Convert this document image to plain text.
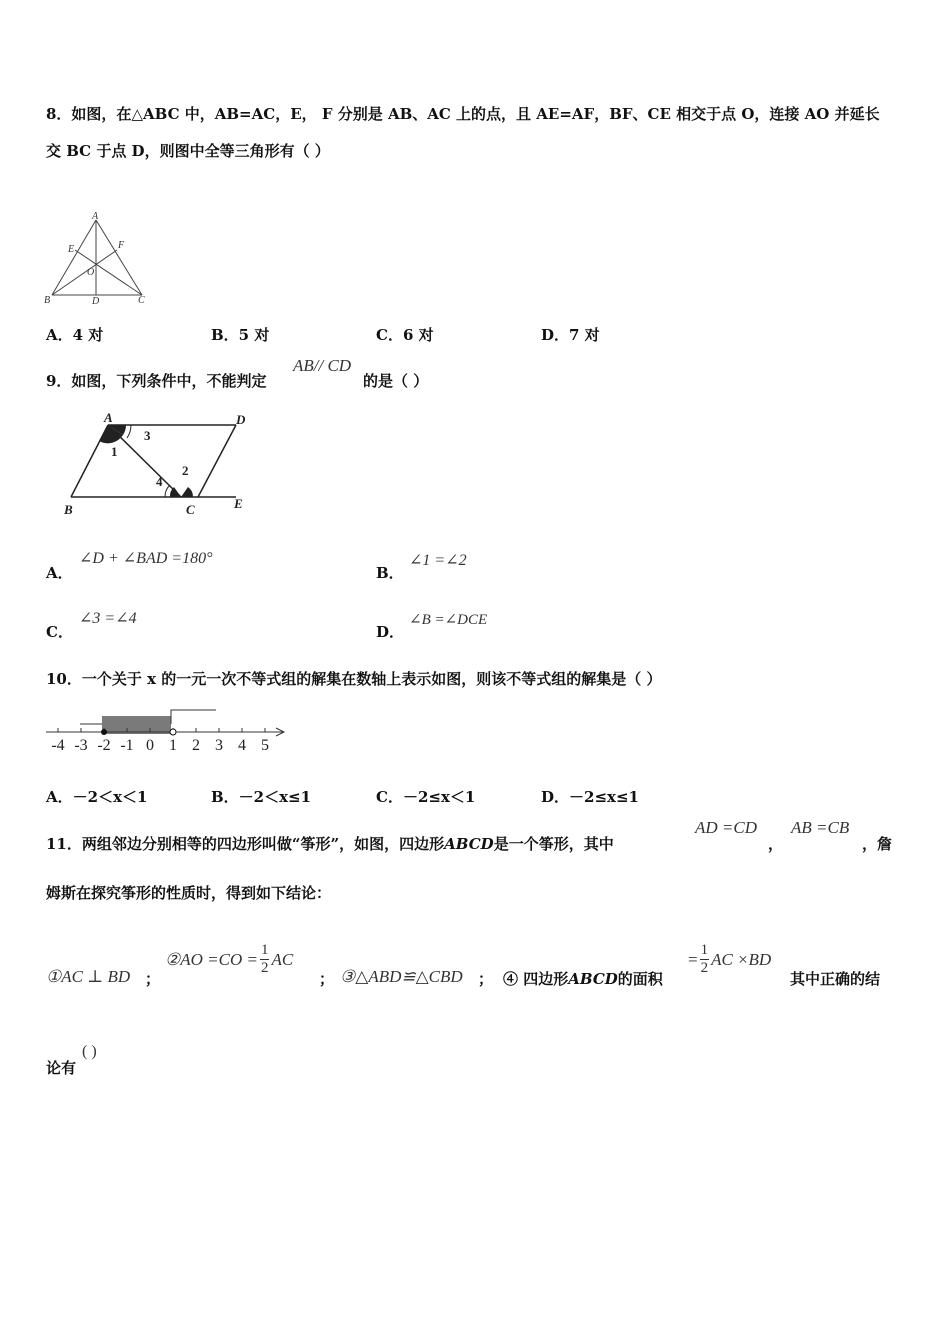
8．如图，在△ABC 中，AB=AC，E， F 分别是 AB、AC 上的点，且 AE=AF，BF、CE 相交于点 O，连接 AO 并延长
交 BC 于点 D，则图中全等三角形有（ ）
A
B	C
D
E	F
O
A．4 对	B．5 对	C．6 对	D．7 对
9．如图，下列条件中，不能判定
AB// CD
的是（ ）
A	D
B	C	E
1
2
3
4
A．
∠D + ∠BAD =180°
B．
∠1 =∠2
C．
∠3 =∠4
D．
∠B =∠DCE
10．一个关于 x 的一元一次不等式组的解集在数轴上表示如图，则该不等式组的解集是（ ）
-4 -3 -2 -1 0 1 2 3 4 5
A．－2＜x＜1	B．－2＜x≤1	C．－2≤x＜1	D．－2≤x≤1
11．两组邻边分别相等的四边形叫做“筝形”，如图，四边形ABCD是一个筝形，其中
AD =CD
，
AB =CB
，詹
姆斯在探究筝形的性质时，得到如下结论：
①AC ⊥ BD ；
②AO $=CO = \frac{1}{2}$ AC
； ③△ABD≌△CBD ； ④ 四边形ABCD的面积
= $\frac{1}{2}$ AC ×BD
其中正确的结
论有
( )
